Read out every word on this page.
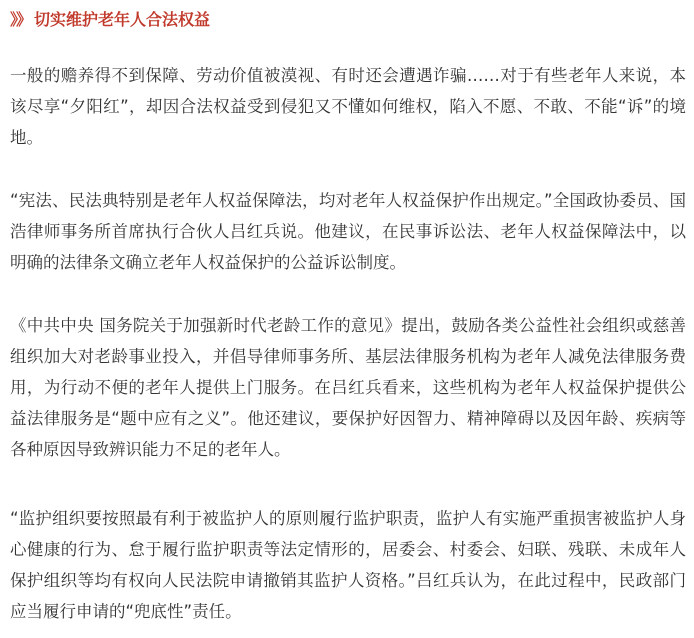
》》 切实维护老年人合法权益

一般的赡养得不到保障、劳动价值被漠视、有时还会遭遇诈骗……对于有些老年人来说，本该尽享“夕阳红”，却因合法权益受到侵犯又不懂如何维权，陷入不愿、不敢、不能“诉”的境地。

“宪法、民法典特别是老年人权益保障法，均对老年人权益保护作出规定。”全国政协委员、国浩律师事务所首席执行合伙人吕红兵说。他建议，在民事诉讼法、老年人权益保障法中，以明确的法律条文确立老年人权益保护的公益诉讼制度。

《中共中央 国务院关于加强新时代老龄工作的意见》提出，鼓励各类公益性社会组织或慈善组织加大对老龄事业投入，并倡导律师事务所、基层法律服务机构为老年人减免法律服务费用，为行动不便的老年人提供上门服务。在吕红兵看来，这些机构为老年人权益保护提供公益法律服务是“题中应有之义”。他还建议，要保护好因智力、精神障碍以及因年龄、疾病等各种原因导致辨识能力不足的老年人。

“监护组织要按照最有利于被监护人的原则履行监护职责，监护人有实施严重损害被监护人身心健康的行为、怠于履行监护职责等法定情形的，居委会、村委会、妇联、残联、未成年人保护组织等均有权向人民法院申请撤销其监护人资格。”吕红兵认为，在此过程中，民政部门应当履行申请的“兜底性”责任。
